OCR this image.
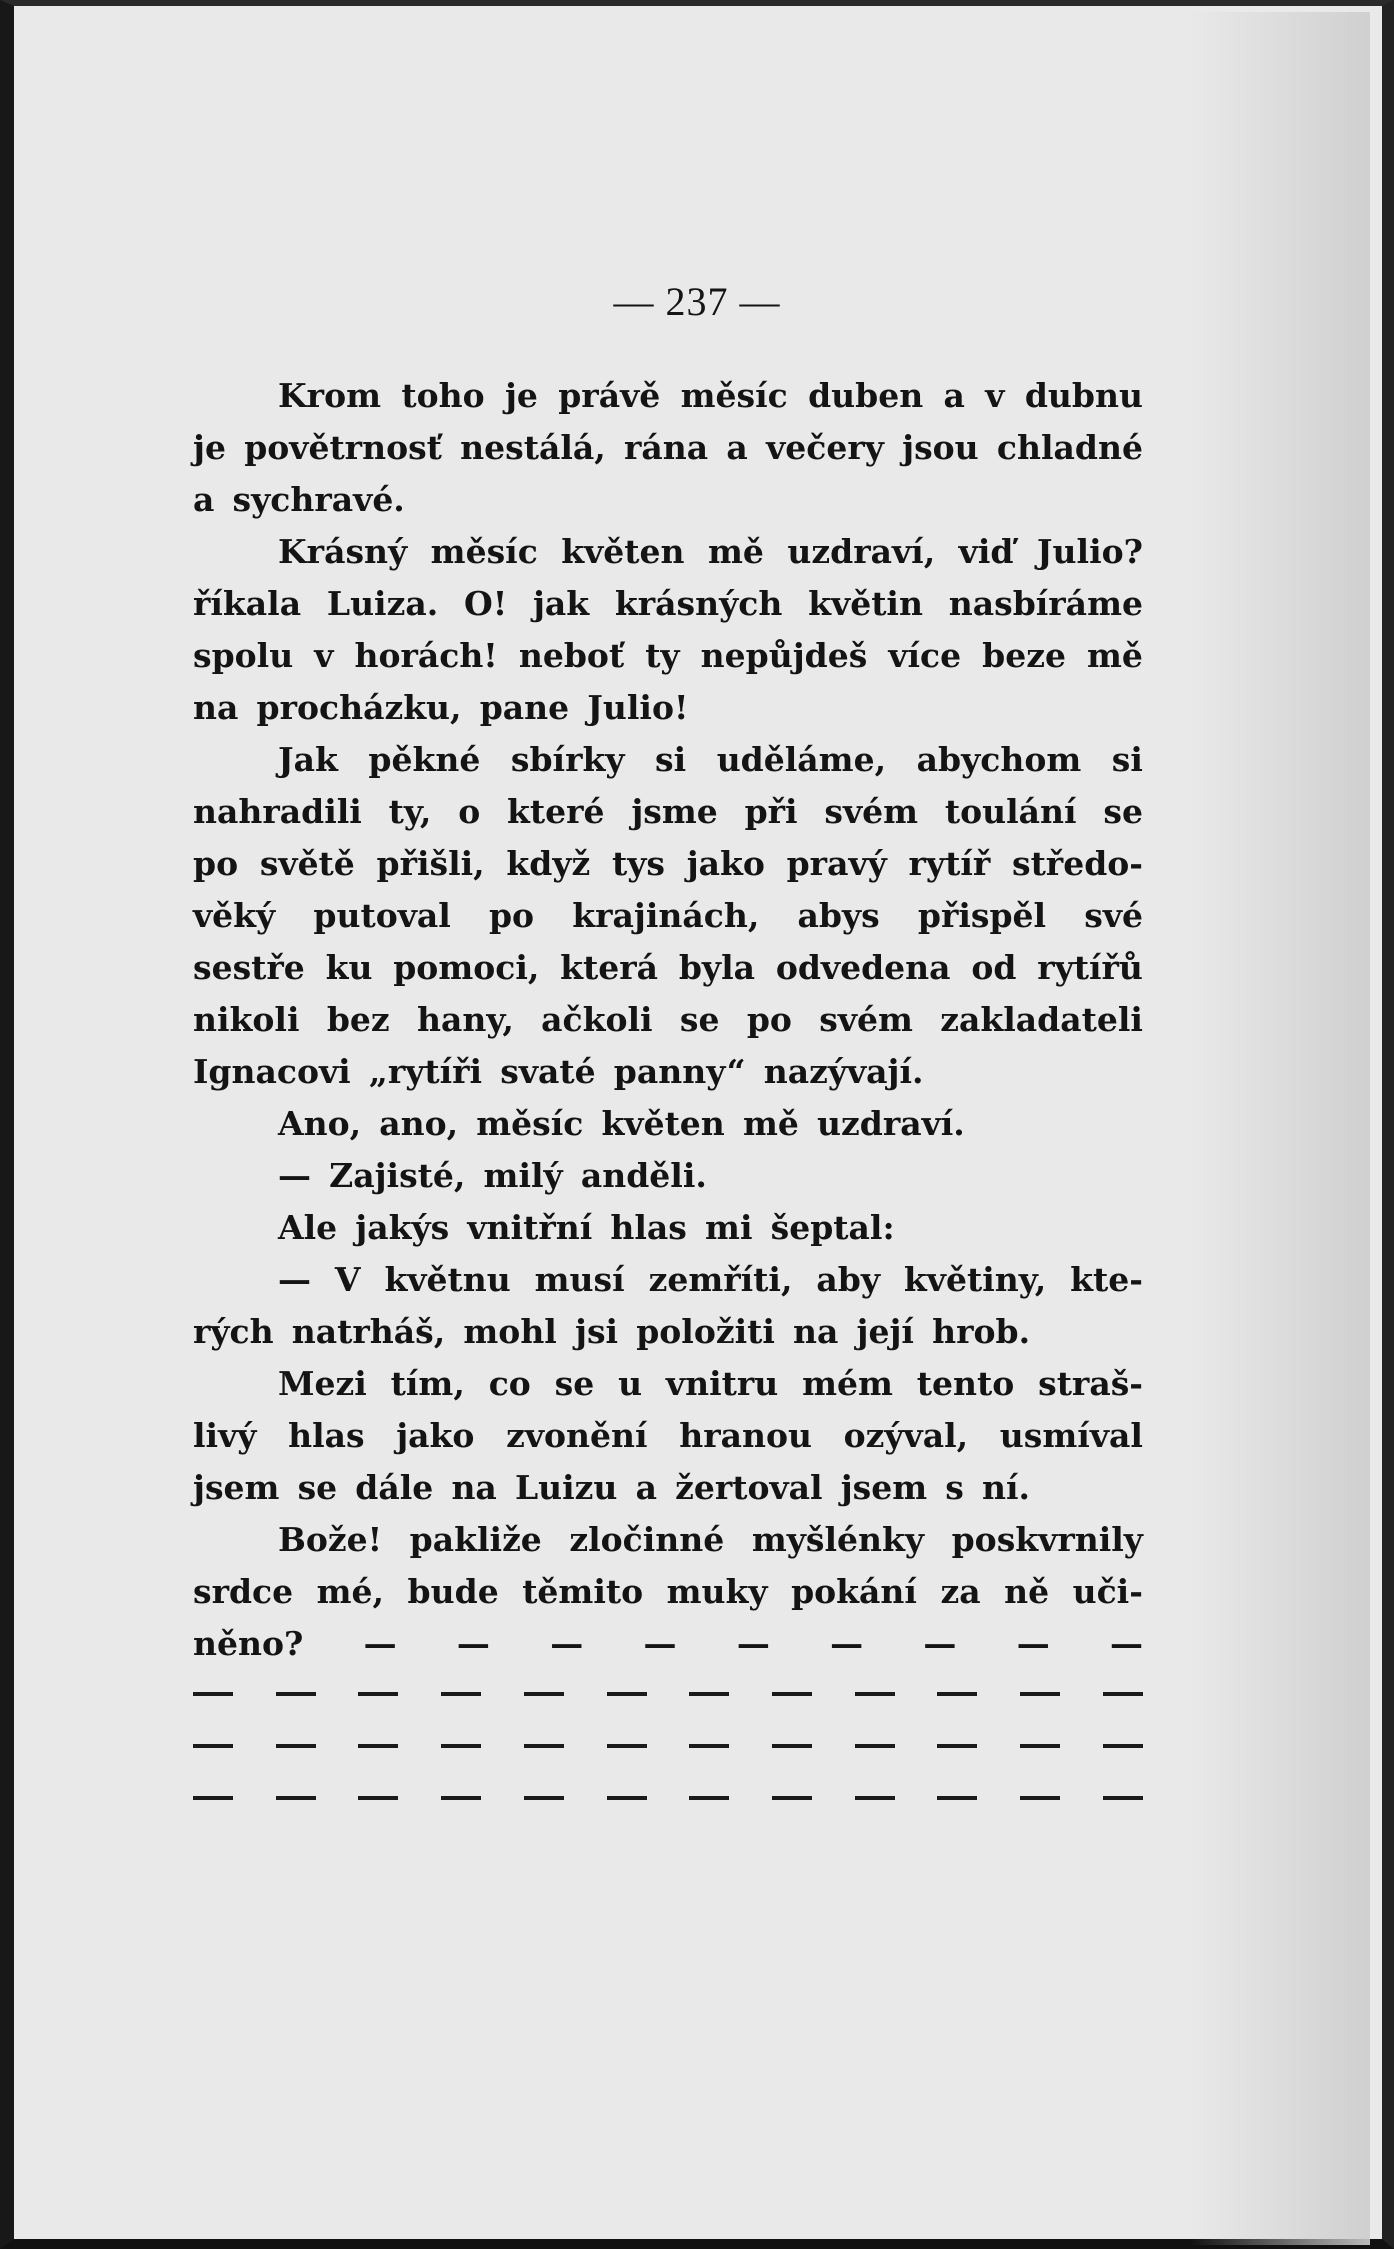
— 237 —
Krom toho je právě měsíc duben a v dubnu
je povětrnosť nestálá, rána a večery jsou chladné
a sychravé.
Krásný měsíc květen mě uzdraví, viď Julio?
říkala Luiza. O! jak krásných květin nasbíráme
spolu v horách! neboť ty nepůjdeš více beze mě
na procházku, pane Julio!
Jak pěkné sbírky si uděláme, abychom si
nahradili ty, o které jsme při svém toulání se
po světě přišli, když tys jako pravý rytíř středo-
věký putoval po krajinách, abys přispěl své
sestře ku pomoci, která byla odvedena od rytířů
nikoli bez hany, ačkoli se po svém zakladateli
Ignacovi „rytíři svaté panny“ nazývají.
Ano, ano, měsíc květen mě uzdraví.
— Zajisté, milý anděli.
Ale jakýs vnitřní hlas mi šeptal:
— V květnu musí zemříti, aby květiny, kte-
rých natrháš, mohl jsi položiti na její hrob.
Mezi tím, co se u vnitru mém tento straš-
livý hlas jako zvonění hranou ozýval, usmíval
jsem se dále na Luizu a žertoval jsem s ní.
Bože! pakliže zločinné myšlénky poskvrnily
srdce mé, bude těmito muky pokání za ně uči-
něno? — — — — — — — — —
